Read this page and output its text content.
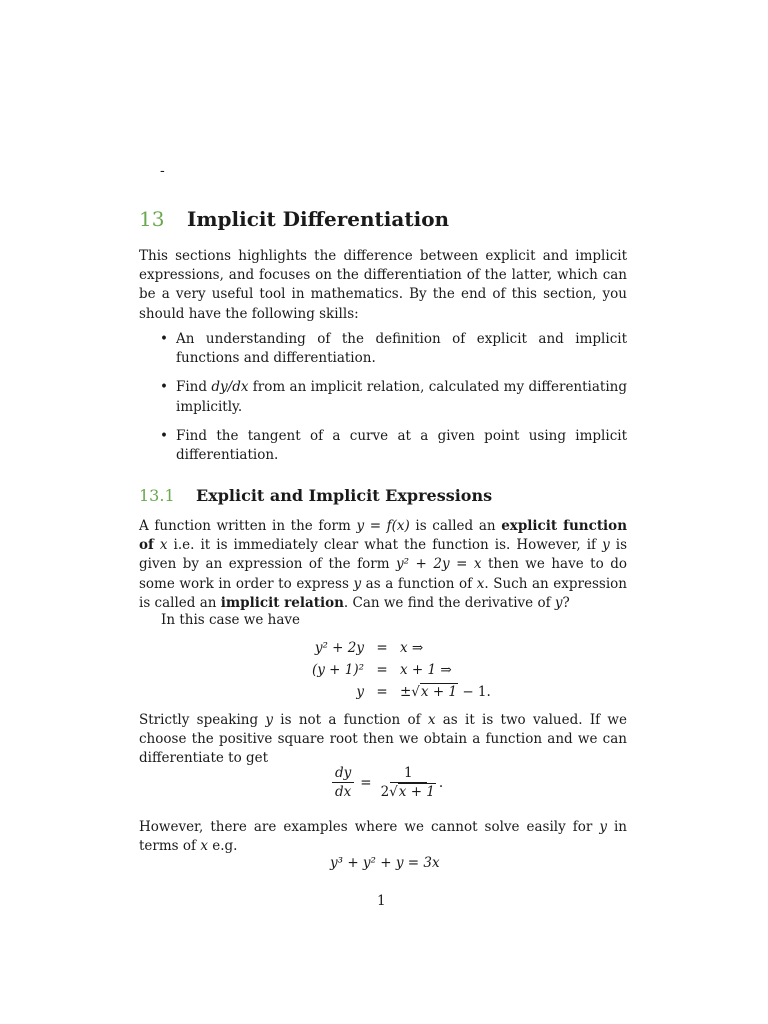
-
13 Implicit Differentiation

This sections highlights the difference between explicit and implicit expressions, and focuses on the differentiation of the latter, which can be a very useful tool in mathematics. By the end of this section, you should have the following skills:

• An understanding of the definition of explicit and implicit functions and differentiation.
• Find dy/dx from an implicit relation, calculated my differentiating implicitly.
• Find the tangent of a curve at a given point using implicit differentiation.
13.1 Explicit and Implicit Expressions

A function written in the form y = f(x) is called an explicit function of x i.e. it is immediately clear what the function is. However, if y is given by an expression of the form y² + 2y = x then we have to do some work in order to express y as a function of x. Such an expression is called an implicit relation. Can we find the derivative of y?

In this case we have

y² + 2y = x ⇒
(y + 1)² = x + 1 ⇒
y = ±√x + 1 − 1.

Strictly speaking y is not a function of x as it is two valued. If we choose the positive square root then we obtain a function and we can differentiate to get

$\frac{dy}{dx} = \frac{1}{2√x + 1}$ .

However, there are examples where we cannot solve easily for y in terms of x e.g.

y³ + y² + y = 3x
1
